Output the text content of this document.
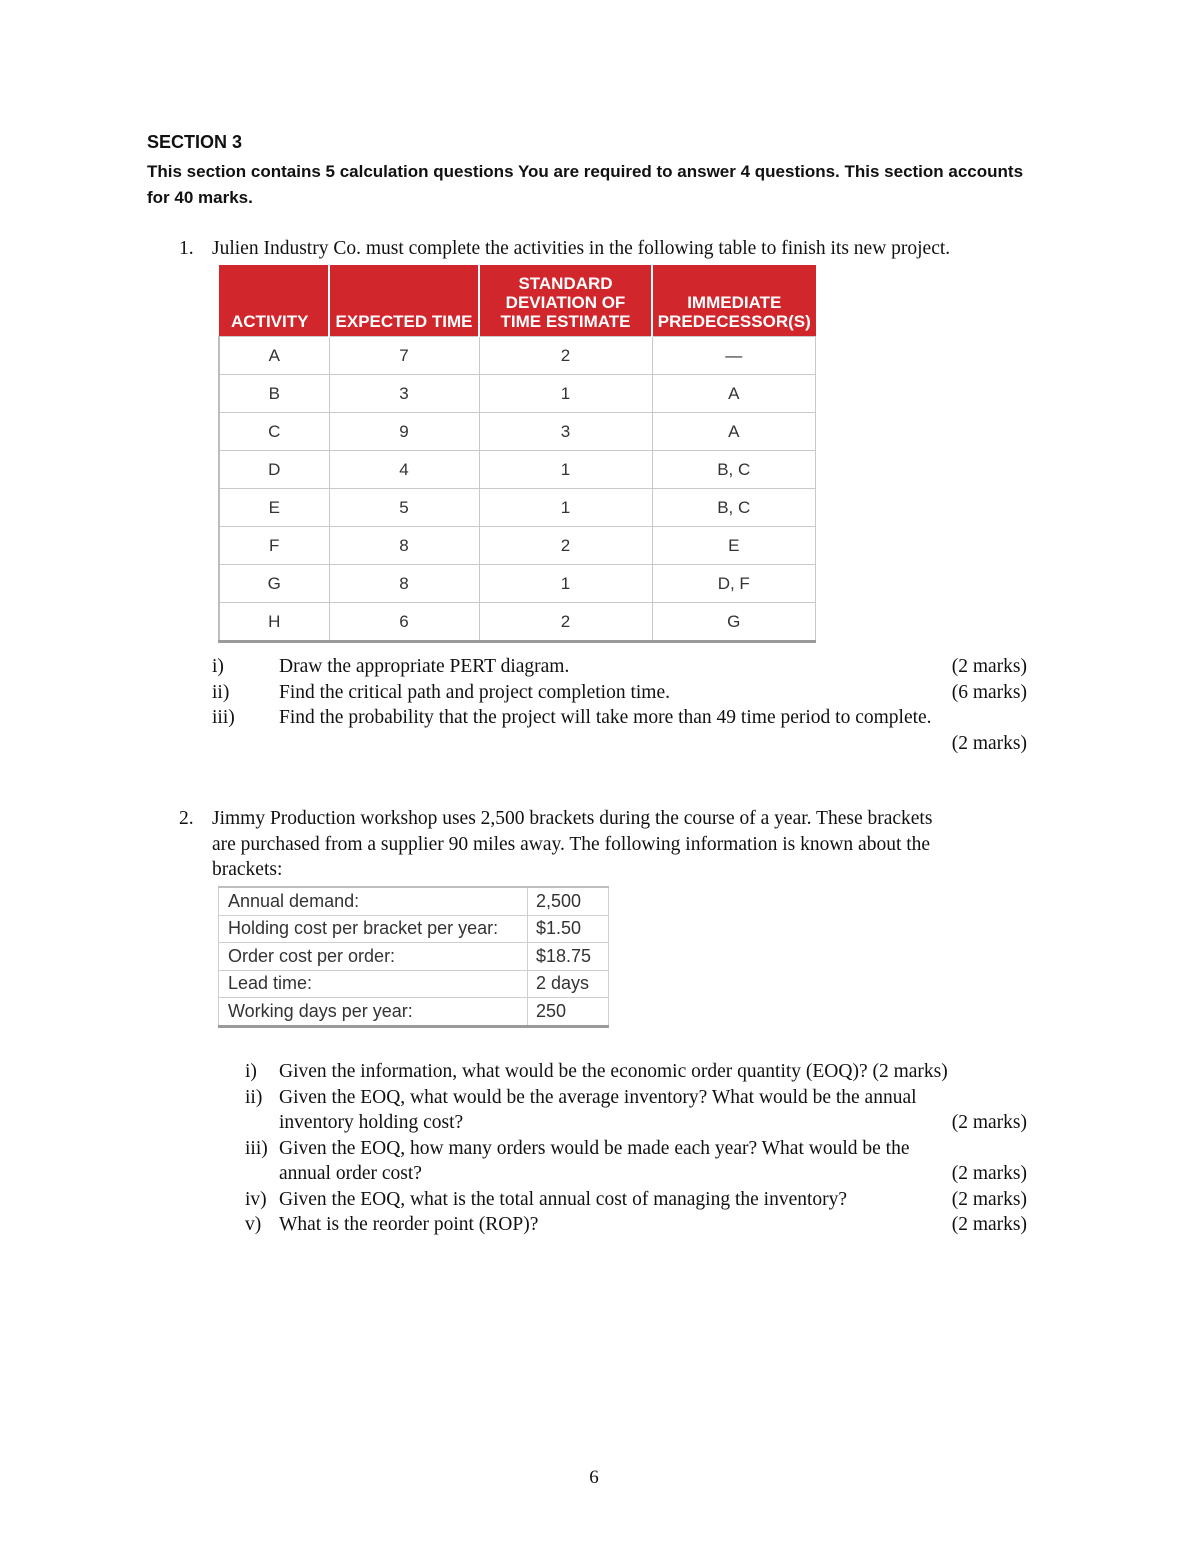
SECTION 3
This section contains 5 calculation questions You are required to answer 4 questions. This section accounts for 40 marks.
1. Julien Industry Co. must complete the activities in the following table to finish its new project.
ACTIVITY	EXPECTED TIME	STANDARD DEVIATION OF TIME ESTIMATE	IMMEDIATE PREDECESSOR(S)
A	7	2	—
B	3	1	A
C	9	3	A
D	4	1	B, C
E	5	1	B, C
F	8	2	E
G	8	1	D, F
H	6	2	G
i)	Draw the appropriate PERT diagram.	(2 marks)
ii)	Find the critical path and project completion time.	(6 marks)
iii) Find the probability that the project will take more than 49 time period to complete.
(2 marks)
2. Jimmy Production workshop uses 2,500 brackets during the course of a year. These brackets
are purchased from a supplier 90 miles away. The following information is known about the
brackets:
Annual demand:	2,500
Holding cost per bracket per year:	$1.50
Order cost per order:	$18.75
Lead time:	2 days
Working days per year:	250
i) Given the information, what would be the economic order quantity (EOQ)? (2 marks)
ii) Given the EOQ, what would be the average inventory? What would be the annual
inventory holding cost?	(2 marks)
iii) Given the EOQ, how many orders would be made each year? What would be the
annual order cost?	(2 marks)
iv) Given the EOQ, what is the total annual cost of managing the inventory?	(2 marks)
v) What is the reorder point (ROP)?	(2 marks)
6
